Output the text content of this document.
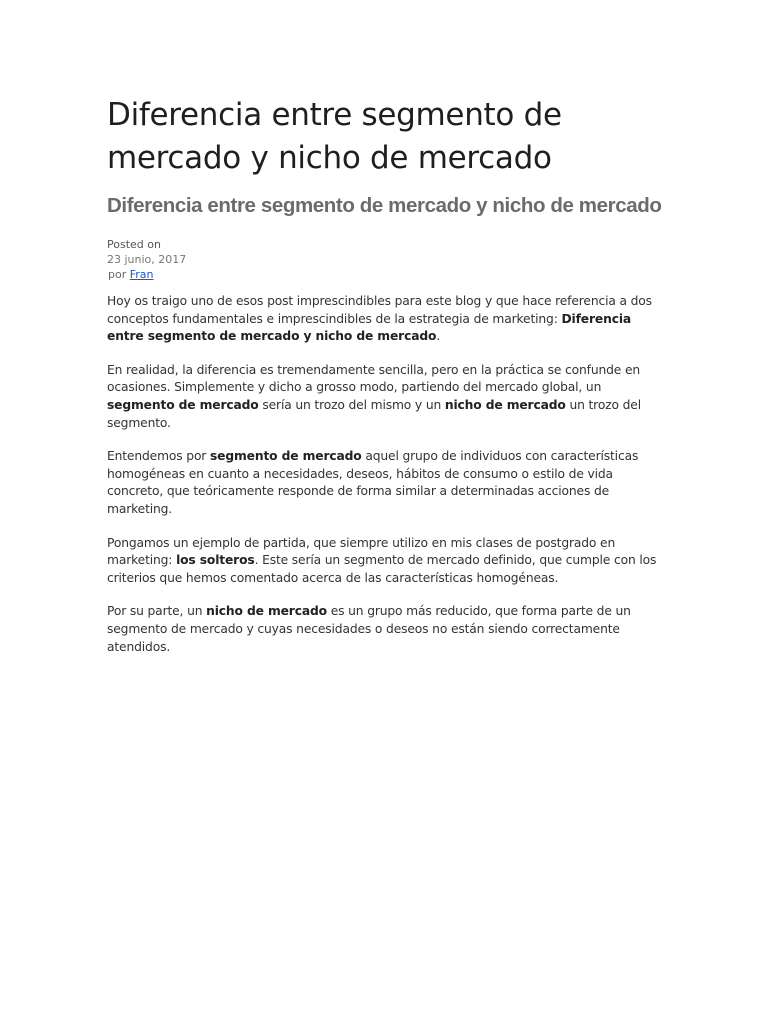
Diferencia entre segmento de mercado y nicho de mercado
Diferencia entre segmento de mercado y nicho de mercado
Posted on
23 junio, 2017
por Fran

Hoy os traigo uno de esos post imprescindibles para este blog y que hace referencia a dos conceptos fundamentales e imprescindibles de la estrategia de marketing: Diferencia entre segmento de mercado y nicho de mercado.

En realidad, la diferencia es tremendamente sencilla, pero en la práctica se confunde en ocasiones. Simplemente y dicho a grosso modo, partiendo del mercado global, un segmento de mercado sería un trozo del mismo y un nicho de mercado un trozo del segmento.

Entendemos por segmento de mercado aquel grupo de individuos con características homogéneas en cuanto a necesidades, deseos, hábitos de consumo o estilo de vida concreto, que teóricamente responde de forma similar a determinadas acciones de marketing.

Pongamos un ejemplo de partida, que siempre utilizo en mis clases de postgrado en marketing: los solteros. Este sería un segmento de mercado definido, que cumple con los criterios que hemos comentado acerca de las características homogéneas.

Por su parte, un nicho de mercado es un grupo más reducido, que forma parte de un segmento de mercado y cuyas necesidades o deseos no están siendo correctamente atendidos.
